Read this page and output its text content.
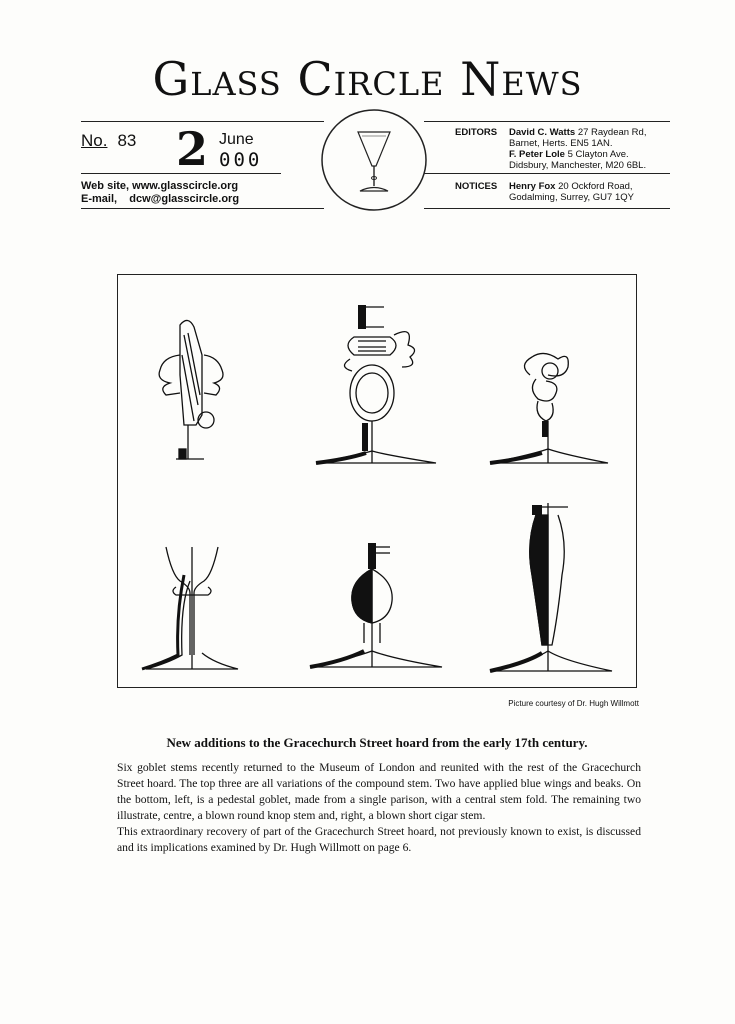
Glass Circle News
No. 83 2 June
000
Web site, www.glasscircle.org
E-mail,    dcw@glasscircle.org
EDITORS David C. Watts 27 Raydean Rd,
Barnet, Herts. EN5 1AN.
F. Peter Lole 5 Clayton Ave.
Didsbury, Manchester, M20 6BL.
NOTICES Henry Fox 20 Ockford Road,
Godalming, Surrey, GU7 1QY
Picture courtesy of Dr. Hugh Willmott
New additions to the Gracechurch Street hoard from the early 17th century.

Six goblet stems recently returned to the Museum of London and reunited with the rest of the Gracechurch Street hoard. The top three are all variations of the compound stem. Two have applied blue wings and beaks. On the bottom, left, is a pedestal goblet, made from a single parison, with a central stem fold. The remaining two illustrate, centre, a blown round knop stem and, right, a blown short cigar stem.

This extraordinary recovery of part of the Gracechurch Street hoard, not previously known to exist, is discussed and its implications examined by Dr. Hugh Willmott on page 6.
